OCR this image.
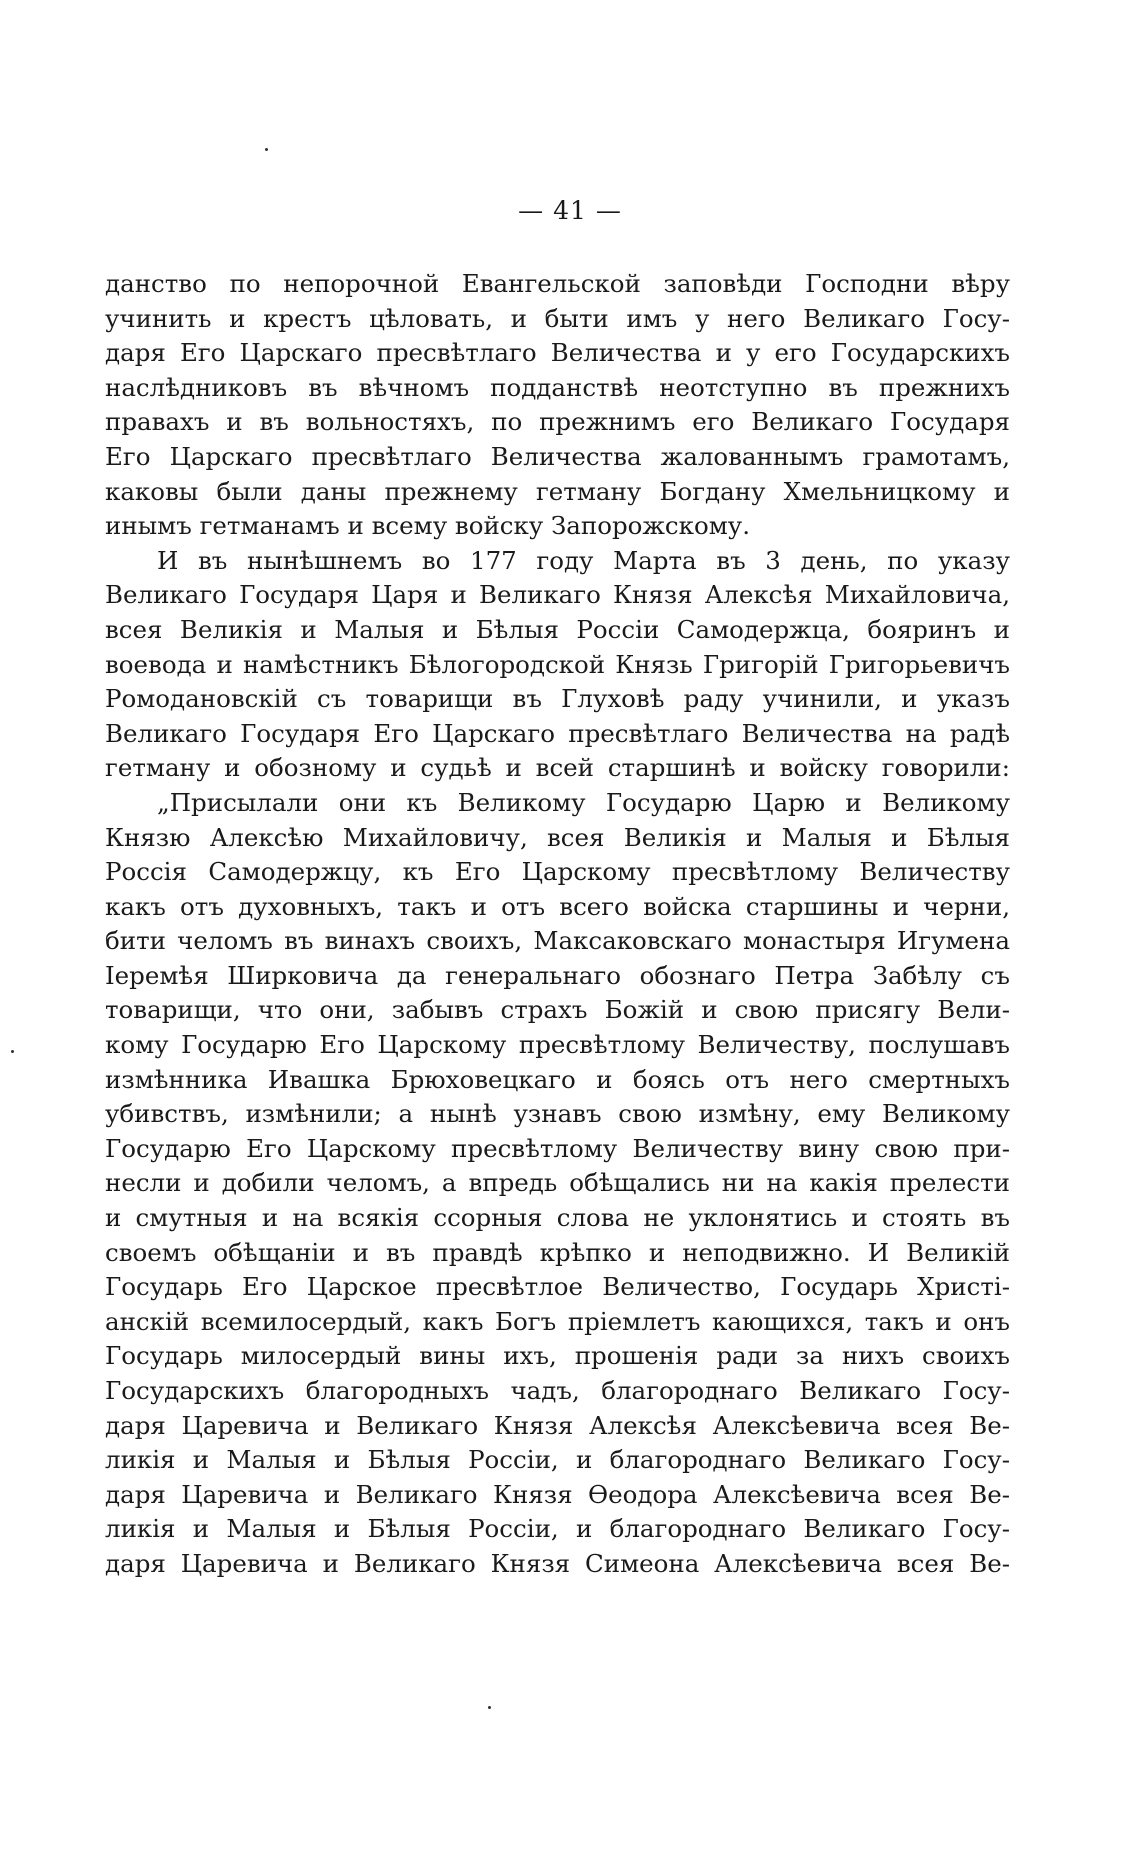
— 41 —
данство по непорочной Евангельской заповѣди Господни вѣру
учинить и крестъ цѣловать, и быти имъ у него Великаго Госу-
даря Его Царскаго пресвѣтлаго Величества и у его Государскихъ
наслѣдниковъ въ вѣчномъ подданствѣ неотступно въ прежнихъ
правахъ и въ вольностяхъ, по прежнимъ его Великаго Государя
Его Царскаго пресвѣтлаго Величества жалованнымъ грамотамъ,
каковы были даны прежнему гетману Богдану Хмельницкому и
инымъ гетманамъ и всему войску Запорожскому.
И въ нынѣшнемъ во 177 году Марта въ 3 день, по указу
Великаго Государя Царя и Великаго Князя Алексѣя Михайловича,
всея Великія и Малыя и Бѣлыя Россіи Самодержца, бояринъ и
воевода и намѣстникъ Бѣлогородской Князь Григорій Григорьевичъ
Ромодановскій съ товарищи въ Глуховѣ раду учинили, и указъ
Великаго Государя Его Царскаго пресвѣтлаго Величества на радѣ
гетману и обозному и судьѣ и всей старшинѣ и войску говорили:
„Присылали они къ Великому Государю Царю и Великому
Князю Алексѣю Михайловичу, всея Великія и Малыя и Бѣлыя
Россія Самодержцу, къ Его Царскому пресвѣтлому Величеству
какъ отъ духовныхъ, такъ и отъ всего войска старшины и черни,
бити челомъ въ винахъ своихъ, Максаковскаго монастыря Игумена
Іеремѣя Ширковича да генеральнаго обознаго Петра Забѣлу съ
товарищи, что они, забывъ страхъ Божій и свою присягу Вели-
кому Государю Его Царскому пресвѣтлому Величеству, послушавъ
измѣнника Ивашка Брюховецкаго и боясь отъ него смертныхъ
убивствъ, измѣнили; а нынѣ узнавъ свою измѣну, ему Великому
Государю Его Царскому пресвѣтлому Величеству вину свою при-
несли и добили челомъ, а впредь обѣщались ни на какія прелести
и смутныя и на всякія ссорныя слова не уклонятись и стоять въ
своемъ обѣщаніи и въ правдѣ крѣпко и неподвижно. И Великій
Государь Его Царское пресвѣтлое Величество, Государь Христі-
анскій всемилосердый, какъ Богъ пріемлетъ кающихся, такъ и онъ
Государь милосердый вины ихъ, прошенія ради за нихъ своихъ
Государскихъ благородныхъ чадъ, благороднаго Великаго Госу-
даря Царевича и Великаго Князя Алексѣя Алексѣевича всея Ве-
ликія и Малыя и Бѣлыя Россіи, и благороднаго Великаго Госу-
даря Царевича и Великаго Князя Ѳеодора Алексѣевича всея Ве-
ликія и Малыя и Бѣлыя Россіи, и благороднаго Великаго Госу-
даря Царевича и Великаго Князя Симеона Алексѣевича всея Ве-
